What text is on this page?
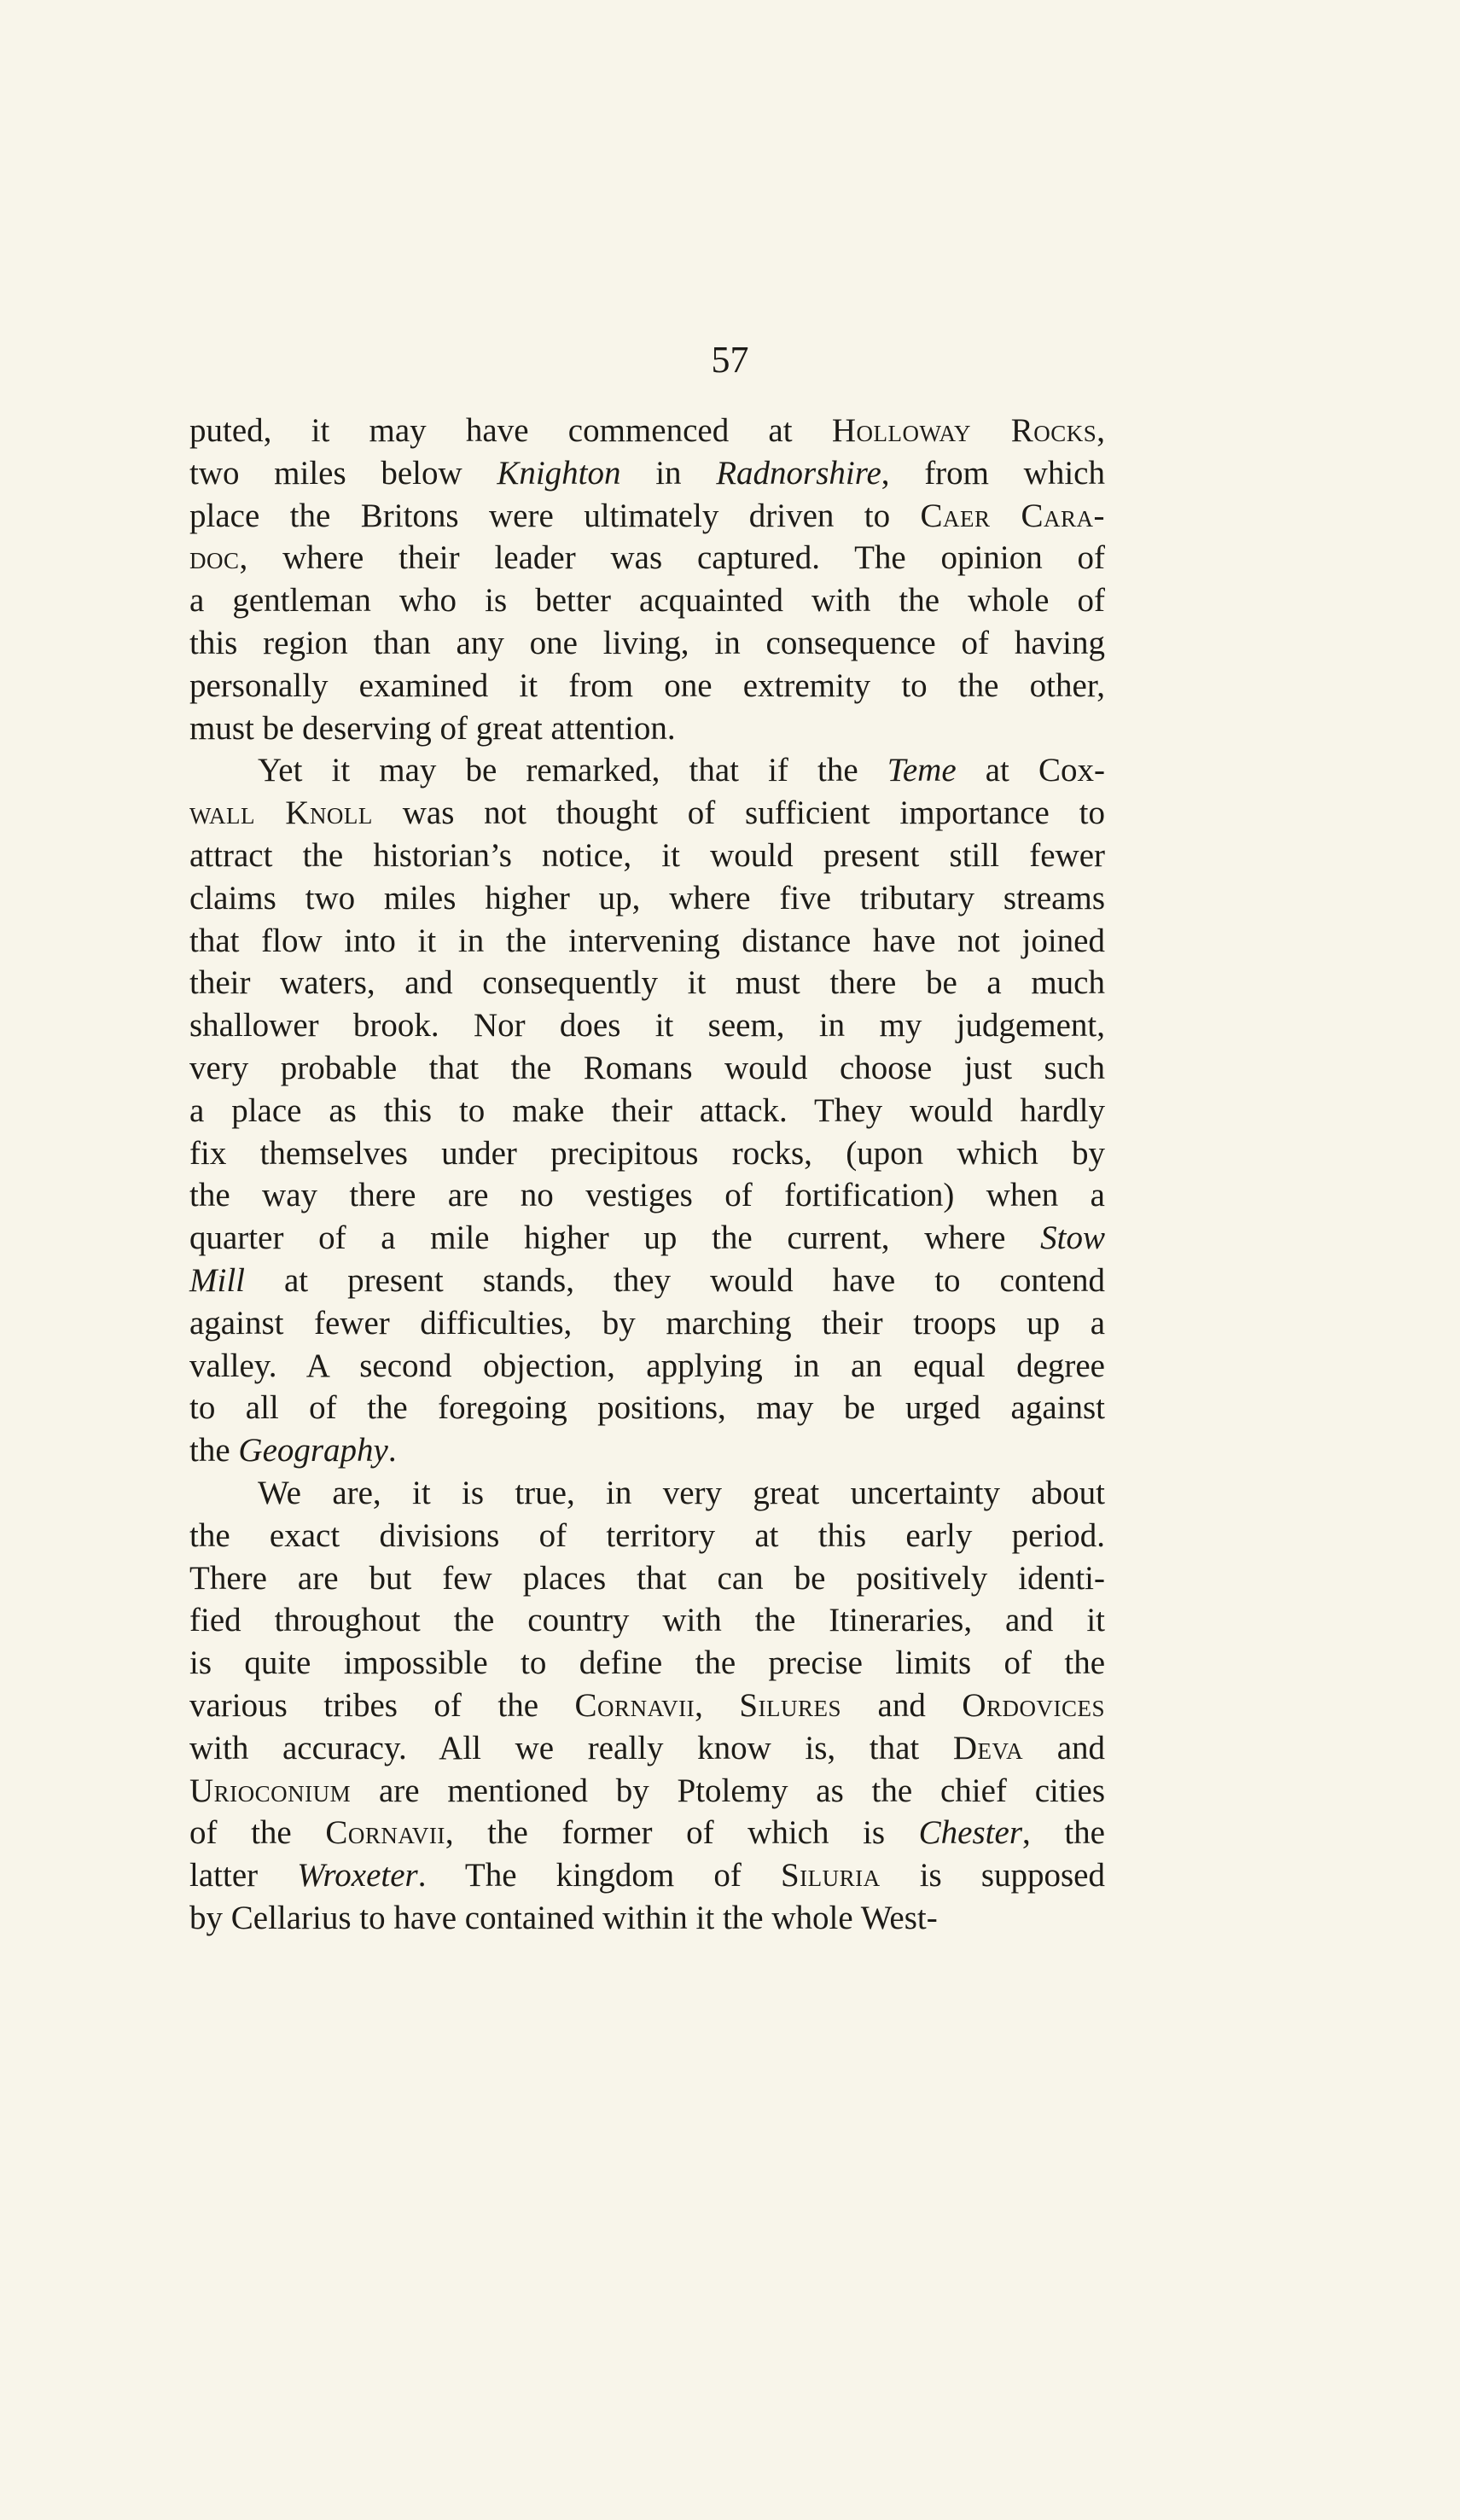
57
puted, it may have commenced at Holloway Rocks,
two miles below Knighton in Radnorshire, from which
place the Britons were ultimately driven to Caer Cara-
doc, where their leader was captured. The opinion of
a gentleman who is better acquainted with the whole of
this region than any one living, in consequence of having
personally examined it from one extremity to the other,
must be deserving of great attention.
Yet it may be remarked, that if the Teme at Cox-
wall Knoll was not thought of sufficient importance to
attract the historian’s notice, it would present still fewer
claims two miles higher up, where five tributary streams
that flow into it in the intervening distance have not joined
their waters, and consequently it must there be a much
shallower brook. Nor does it seem, in my judgement,
very probable that the Romans would choose just such
a place as this to make their attack. They would hardly
fix themselves under precipitous rocks, (upon which by
the way there are no vestiges of fortification) when a
quarter of a mile higher up the current, where Stow
Mill at present stands, they would have to contend
against fewer difficulties, by marching their troops up a
valley. A second objection, applying in an equal degree
to all of the foregoing positions, may be urged against
the Geography.
We are, it is true, in very great uncertainty about
the exact divisions of territory at this early period.
There are but few places that can be positively identi-
fied throughout the country with the Itineraries, and it
is quite impossible to define the precise limits of the
various tribes of the Cornavii, Silures and Ordovices
with accuracy. All we really know is, that Deva and
Urioconium are mentioned by Ptolemy as the chief cities
of the Cornavii, the former of which is Chester, the
latter Wroxeter. The kingdom of Siluria is supposed
by Cellarius to have contained within it the whole West-
